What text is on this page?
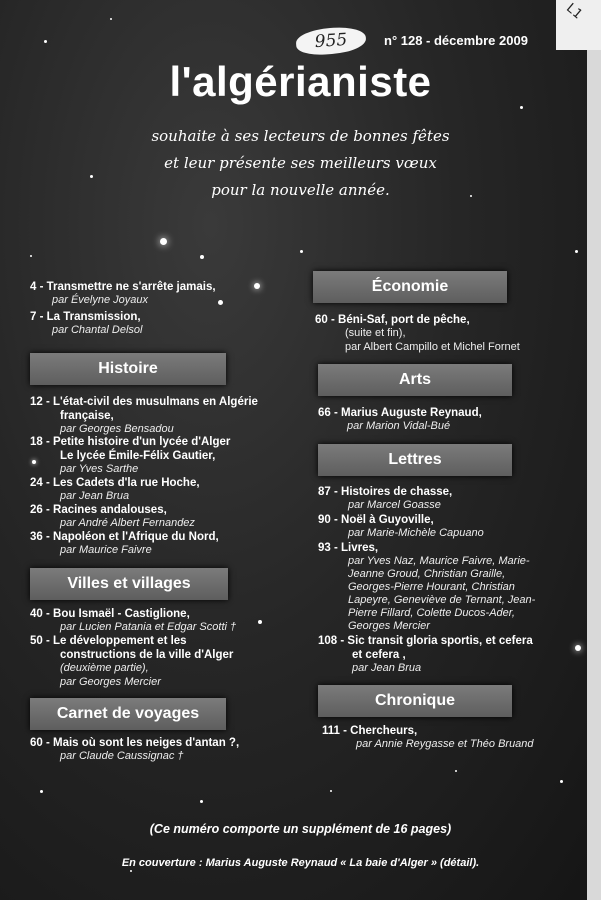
955
L1
n° 128 - décembre 2009
l'algérianiste
souhaite à ses lecteurs de bonnes fêtes
et leur présente ses meilleurs vœux
pour la nouvelle année.
4 - Transmettre ne s'arrête jamais,
par Évelyne Joyaux
7 - La Transmission,
par Chantal Delsol
Histoire
12 - L'état-civil des musulmans en Algérie
française,
par Georges Bensadou
18 - Petite histoire d'un lycée d'Alger
Le lycée Émile-Félix Gautier,
par Yves Sarthe
24 - Les Cadets d'la rue Hoche,
par Jean Brua
26 - Racines andalouses,
par André Albert Fernandez
36 - Napoléon et l'Afrique du Nord,
par Maurice Faivre
Villes et villages
40 - Bou Ismaël - Castiglione,
par Lucien Patania et Edgar Scotti †
50 - Le développement et les
constructions de la ville d'Alger
(deuxième partie),
par Georges Mercier
Carnet de voyages
60 - Mais où sont les neiges d'antan ?,
par Claude Caussignac †
Économie
60 - Béni-Saf, port de pêche,
(suite et fin),
par Albert Campillo et Michel Fornet
Arts
66 - Marius Auguste Reynaud,
par Marion Vidal-Bué
Lettres
87 - Histoires de chasse,
par Marcel Goasse
90 - Noël à Guyoville,
par Marie-Michèle Capuano
93 - Livres,
par Yves Naz, Maurice Faivre, Marie-
Jeanne Groud, Christian Graille,
Georges-Pierre Hourant, Christian
Lapeyre, Geneviève de Ternant, Jean-
Pierre Fillard, Colette Ducos-Ader,
Georges Mercier
108 - Sic transit gloria sportis, et cefera
et cefera ,
par Jean Brua
Chronique
111 - Chercheurs,
par Annie Reygasse et Théo Bruand
(Ce numéro comporte un supplément de 16 pages)
En couverture : Marius Auguste Reynaud « La baie d'Alger » (détail).
